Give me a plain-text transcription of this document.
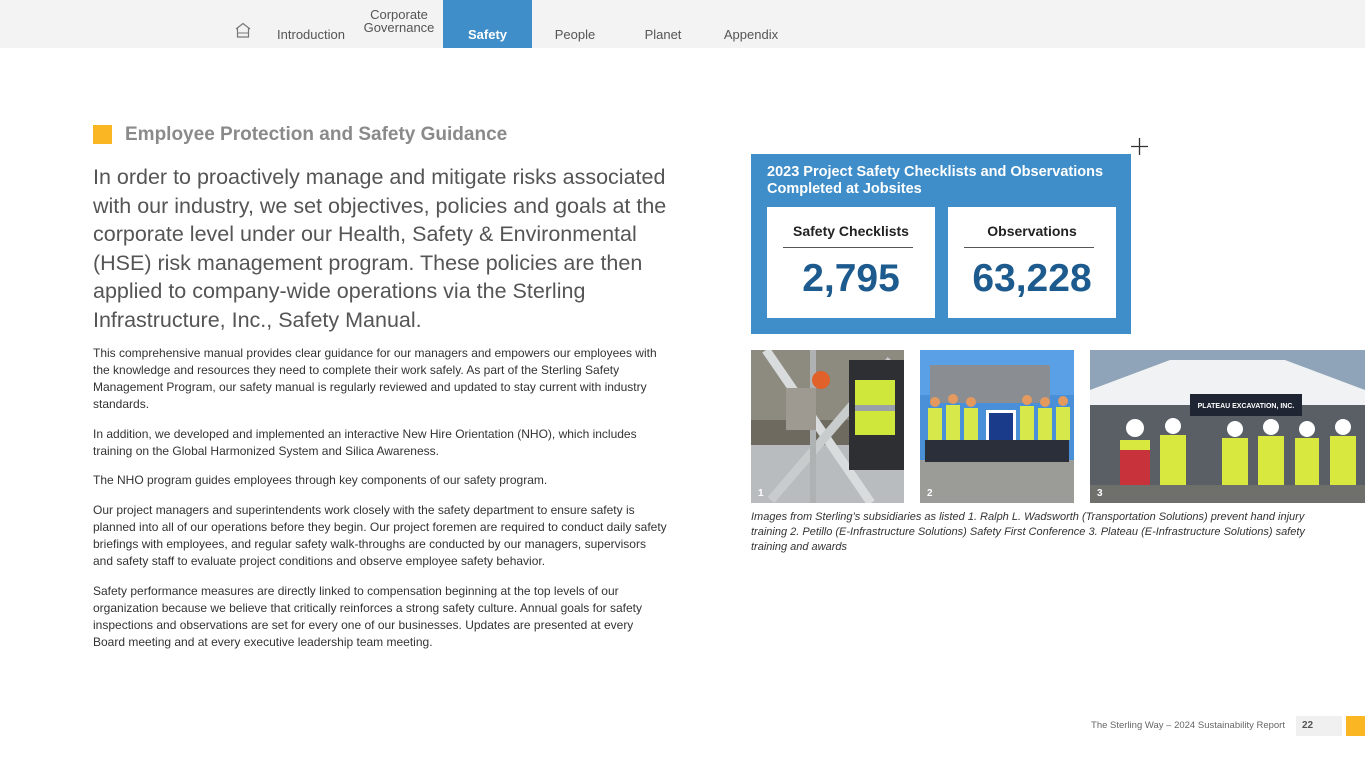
Introduction
Corporate
Governance	Safety	People	Planet	Appendix
Employee Protection and Safety Guidance

In order to proactively manage and mitigate risks associated with our industry, we set objectives, policies and goals at the corporate level under our Health, Safety & Environmental (HSE) risk management program. These policies are then applied to company-wide operations via the Sterling Infrastructure, Inc., Safety Manual.

This comprehensive manual provides clear guidance for our managers and empowers our employees with the knowledge and resources they need to complete their work safely. As part of the Sterling Safety Management Program, our safety manual is regularly reviewed and updated to stay current with industry standards.

In addition, we developed and implemented an interactive New Hire Orientation (NHO), which includes training on the Global Harmonized System and Silica Awareness.

The NHO program guides employees through key components of our safety program.

Our project managers and superintendents work closely with the safety department to ensure safety is planned into all of our operations before they begin. Our project foremen are required to conduct daily safety briefings with employees, and regular safety walk-throughs are conducted by our managers, supervisors and safety staff to evaluate project conditions and observe employee safety behavior.

Safety performance measures are directly linked to compensation beginning at the top levels of our organization because we believe that critically reinforces a strong safety culture. Annual goals for safety inspections and observations are set for every one of our businesses. Updates are presented at every Board meeting and at every executive leadership team meeting.

2023 Project Safety Checklists and Observations Completed at Jobsites
Safety Checklists
2,795
Observations
63,228
1	2
PLATEAU EXCAVATION, INC.
3

Images from Sterling’s subsidiaries as listed 1. Ralph L. Wadsworth (Transportation Solutions) prevent hand injury training 2. Petillo (E-Infrastructure Solutions) Safety First Conference 3. Plateau (E-Infrastructure Solutions) safety training and awards

The Sterling Way – 2024 Sustainability Report	22
